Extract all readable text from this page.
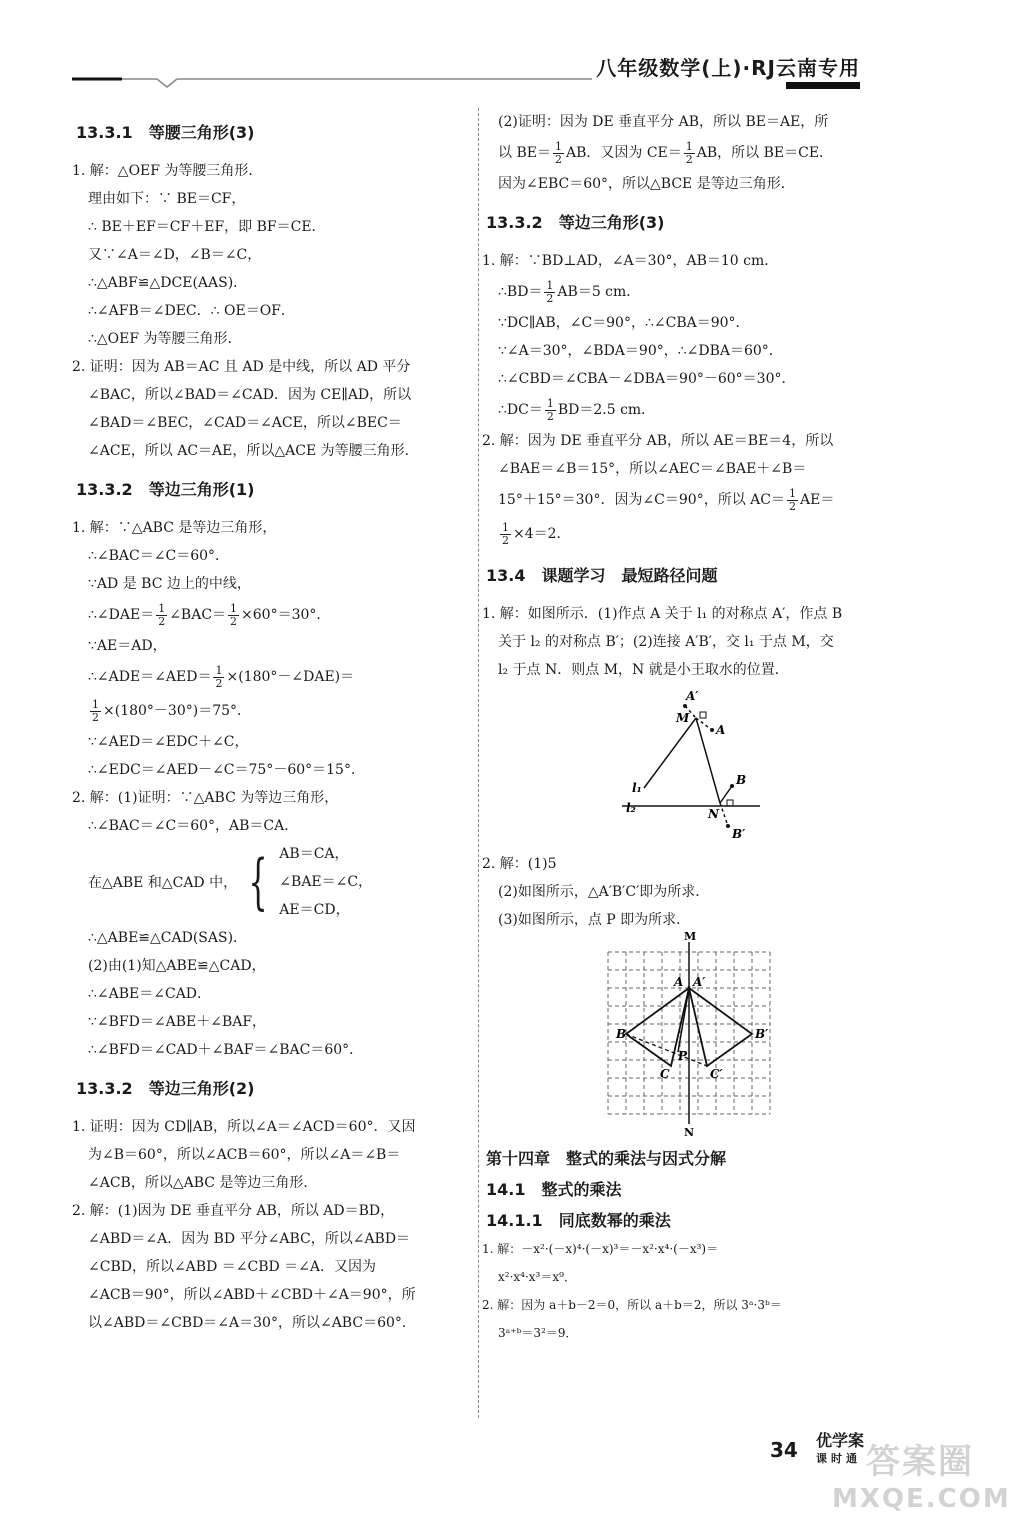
八年级数学(上)·RJ云南专用
13.3.1　等腰三角形(3)
1. 解：△OEF 为等腰三角形．
理由如下：∵ BE＝CF，
∴ BE＋EF＝CF＋EF，即 BF＝CE．
又∵∠A＝∠D，∠B＝∠C，
∴△ABF≌△DCE(AAS)．
∴∠AFB＝∠DEC．∴ OE＝OF．
∴△OEF 为等腰三角形．
2. 证明：因为 AB＝AC 且 AD 是中线，所以 AD 平分
∠BAC，所以∠BAD＝∠CAD．因为 CE∥AD，所以
∠BAD＝∠BEC，∠CAD＝∠ACE，所以∠BEC＝
∠ACE，所以 AC＝AE，所以△ACE 为等腰三角形．
13.3.2　等边三角形(1)
1. 解：∵△ABC 是等边三角形，
∴∠BAC＝∠C＝60°．
∵AD 是 BC 边上的中线，
∴∠DAE＝ $\frac{1}{2}$ ∠BAC＝ $\frac{1}{2} \times 60^\circ=30^\circ$．
∵AE＝AD，
∴∠ADE＝∠AED＝ $\frac{1}{2}$ ×(180°－∠DAE)＝
$\frac{1}{2} \times(180^\circ-30^\circ)=75^\circ$．
∵∠AED＝∠EDC＋∠C，
∴∠EDC＝∠AED－∠C＝75°－60°＝15°．
2. 解：(1)证明：∵△ABC 为等边三角形，
∴∠BAC＝∠C＝60°，AB＝CA．
在△ABE 和△CAD 中， { AB＝CA，
∠BAE＝∠C，
AE＝CD，
∴△ABE≌△CAD(SAS)．
(2)由(1)知△ABE≌△CAD，
∴∠ABE＝∠CAD．
∵∠BFD＝∠ABE＋∠BAF，
∴∠BFD＝∠CAD＋∠BAF＝∠BAC＝60°．
13.3.2　等边三角形(2)
1. 证明：因为 CD∥AB，所以∠A＝∠ACD＝60°．又因
为∠B＝60°，所以∠ACB＝60°，所以∠A＝∠B＝
∠ACB，所以△ABC 是等边三角形．
2. 解：(1)因为 DE 垂直平分 AB，所以 AD＝BD，
∠ABD＝∠A．因为 BD 平分∠ABC，所以∠ABD＝
∠CBD，所以∠ABD ＝∠CBD ＝∠A．又因为
∠ACB＝90°，所以∠ABD＋∠CBD＋∠A＝90°，所
以∠ABD＝∠CBD＝∠A＝30°，所以∠ABC＝60°．
(2)证明：因为 DE 垂直平分 AB，所以 BE＝AE，所
以 $BE= \frac{1}{2}$ AB．又因为 $CE= \frac{1}{2}$ AB，所以 BE＝CE．
因为∠EBC＝60°，所以△BCE 是等边三角形．
13.3.2　等边三角形(3)
1. 解：∵BD⊥AD，∠A＝30°，AB＝10 cm．
∴BD＝ $\frac{1}{2} AB=5$ cm．
∵DC∥AB，∠C＝90°，∴∠CBA＝90°．
∵∠A＝30°，∠BDA＝90°，∴∠DBA＝60°．
∴∠CBD＝∠CBA－∠DBA＝90°－60°＝30°．
∴DC＝ $\frac{1}{2} BD=2.5$ cm．
2. 解：因为 DE 垂直平分 AB，所以 AE＝BE＝4，所以
∠BAE＝∠B＝15°，所以∠AEC＝∠BAE＋∠B＝
15°＋15°＝30°．因为∠C＝90°，所以 $AC= \frac{1}{2} AE=$
$\frac{1}{2} \times 4=2$．
13.4　课题学习　最短路径问题
1. 解：如图所示．(1)作点 A 关于 l₁ 的对称点 A′，作点 B
关于 l₂ 的对称点 B′；(2)连接 A′B′，交 l₁ 于点 M，交
l₂ 于点 N．则点 M，N 就是小王取水的位置．
A′
M
A
B
l₁
l₂	N
B′
2. 解：(1)5
(2)如图所示，△A′B′C′即为所求．
(3)如图所示，点 P 即为所求．
M
N
A A′
B	B′
C	C′
P
第十四章　整式的乘法与因式分解
14.1　整式的乘法
14.1.1　同底数幂的乘法
1. 解：－x²·(－x)⁴·(－x)³＝－x²·x⁴·(－x³)＝
x²·x⁴·x³＝x⁹．
2. 解：因为 a＋b－2＝0，所以 a＋b＝2，所以 3ᵃ·3ᵇ＝
3ᵃ⁺ᵇ＝3²＝9．
34 优学案
课时通 答案圈
MXQE.COM
